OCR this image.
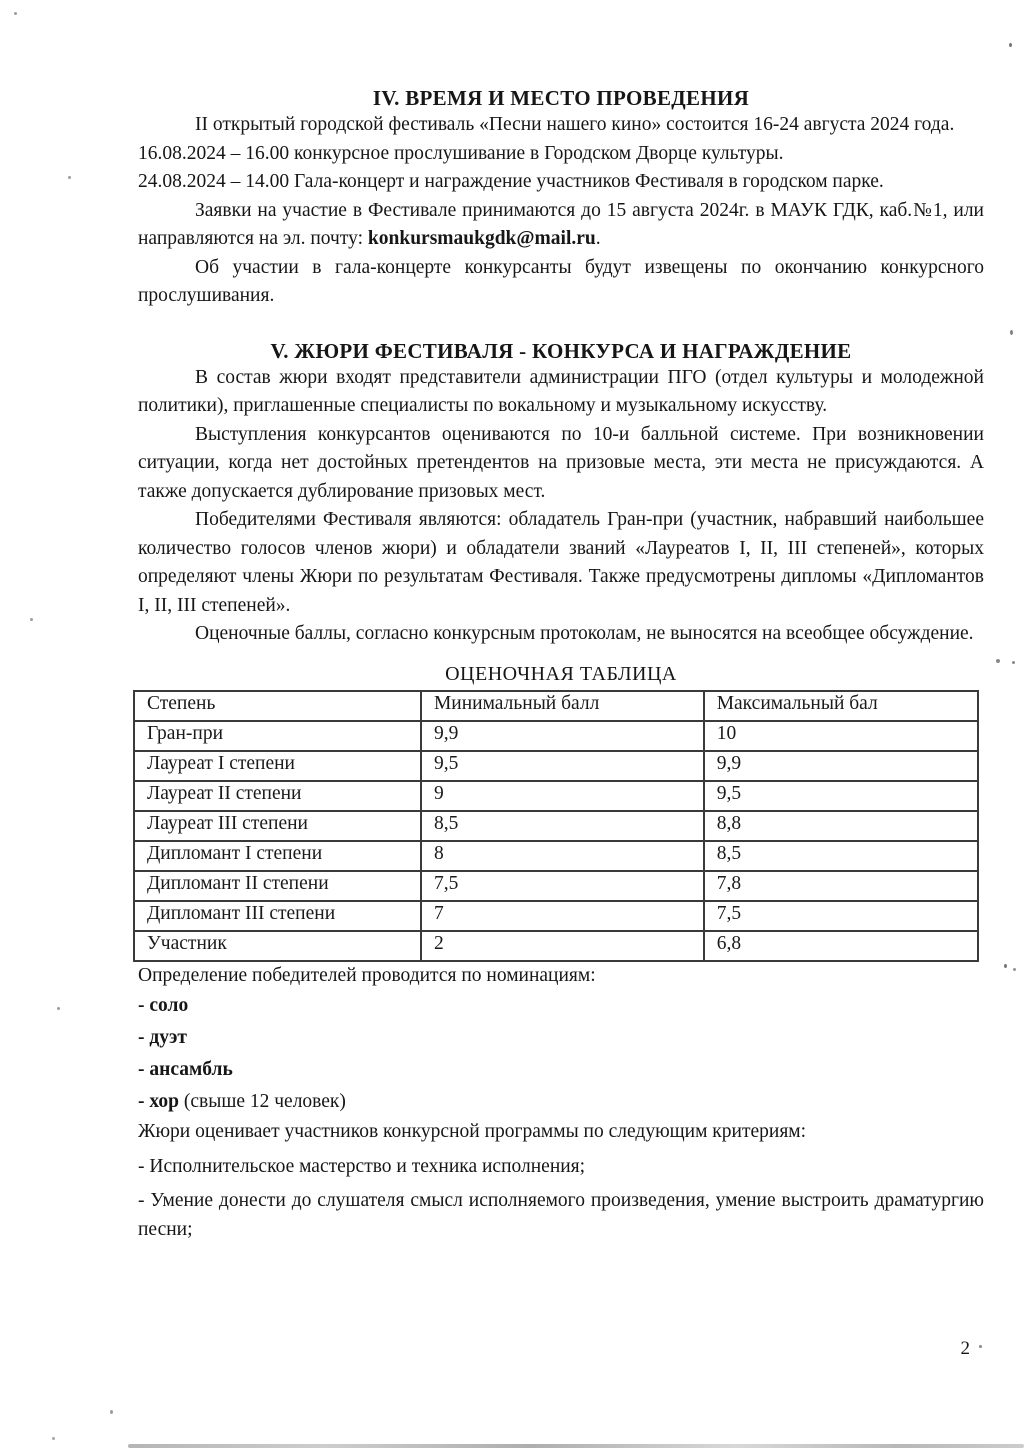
IV. ВРЕМЯ И МЕСТО ПРОВЕДЕНИЯ

II открытый городской фестиваль «Песни нашего кино» состоится 16-24 августа 2024 года.

16.08.2024 – 16.00 конкурсное прослушивание в Городском Дворце культуры.

24.08.2024 – 14.00 Гала-концерт и награждение участников Фестиваля в городском парке.

Заявки на участие в Фестивале принимаются до 15 августа 2024г. в МАУК ГДК, каб.№1, или направляются на эл. почту: konkursmaukgdk@mail.ru.

Об участии в гала-концерте конкурсанты будут извещены по окончанию конкурсного прослушивания.

V. ЖЮРИ ФЕСТИВАЛЯ - КОНКУРСА И НАГРАЖДЕНИЕ

В состав жюри входят представители администрации ПГО (отдел культуры и молодежной политики), приглашенные специалисты по вокальному и музыкальному искусству.

Выступления конкурсантов оцениваются по 10-и балльной системе. При возникновении ситуации, когда нет достойных претендентов на призовые места, эти места не присуждаются. А также допускается дублирование призовых мест.

Победителями Фестиваля являются: обладатель Гран-при (участник, набравший наибольшее количество голосов членов жюри) и обладатели званий «Лауреатов I, II, III степеней», которых определяют члены Жюри по результатам Фестиваля. Также предусмотрены дипломы «Дипломантов I, II, III степеней».

Оценочные баллы, согласно конкурсным протоколам, не выносятся на всеобщее обсуждение.

ОЦЕНОЧНАЯ ТАБЛИЦА

Степень	Минимальный балл	Максимальный бал
Гран-при	9,9	10
Лауреат I степени	9,5	9,9
Лауреат II степени	9	9,5
Лауреат III степени	8,5	8,8
Дипломант I степени	8	8,5
Дипломант II степени	7,5	7,8
Дипломант III степени	7	7,5
Участник	2	6,8

Определение победителей проводится по номинациям:

- соло

- дуэт

- ансамбль

- хор (свыше 12 человек)

Жюри оценивает участников конкурсной программы по следующим критериям:

- Исполнительское мастерство и техника исполнения;

- Умение донести до слушателя смысл исполняемого произведения, умение выстроить драматургию песни;

2
